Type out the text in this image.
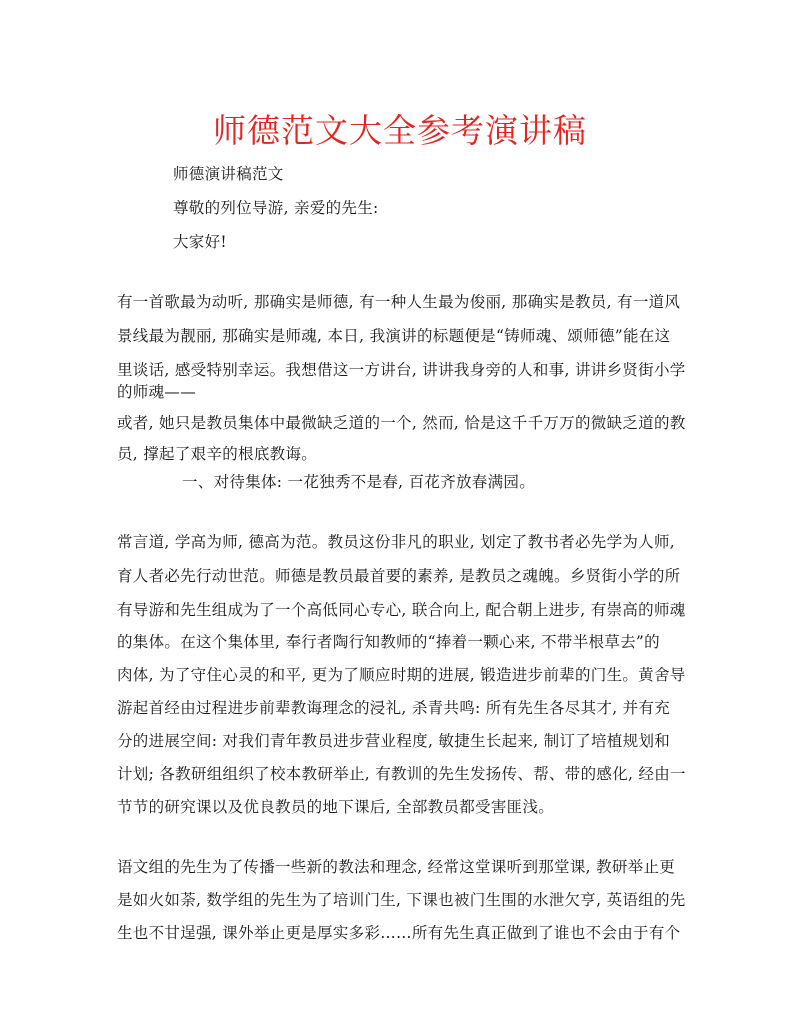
师德范文大全参考演讲稿
师德演讲稿范文
尊敬的列位导游, 亲爱的先生:
大家好!
有一首歌最为动听, 那确实是师德, 有一种人生最为俊丽, 那确实是教员, 有一道风
景线最为靓丽, 那确实是师魂, 本日, 我演讲的标题便是“铸师魂、颂师德”能在这
里谈话, 感受特别幸运。我想借这一方讲台, 讲讲我身旁的人和事, 讲讲乡贤街小学
的师魂——
或者, 她只是教员集体中最微缺乏道的一个, 然而, 恰是这千千万万的微缺乏道的教
员, 撑起了艰辛的根底教诲。
一、对待集体: 一花独秀不是春, 百花齐放春满园。
常言道, 学高为师, 德高为范。教员这份非凡的职业, 划定了教书者必先学为人师,
育人者必先行动世范。师德是教员最首要的素养, 是教员之魂魄。乡贤街小学的所
有导游和先生组成为了一个高低同心专心, 联合向上, 配合朝上进步, 有崇高的师魂
的集体。在这个集体里, 奉行者陶行知教师的“捧着一颗心来, 不带半根草去”的
肉体, 为了守住心灵的和平, 更为了顺应时期的进展, 锻造进步前辈的门生。黄舍导
游起首经由过程进步前辈教诲理念的浸礼, 杀青共鸣: 所有先生各尽其才, 并有充
分的进展空间: 对我们青年教员进步营业程度, 敏捷生长起来, 制订了培植规划和
计划; 各教研组组织了校本教研举止, 有教训的先生发扬传、帮、带的感化, 经由一
节节的研究课以及优良教员的地下课后, 全部教员都受害匪浅。
语文组的先生为了传播一些新的教法和理念, 经常这堂课听到那堂课, 教研举止更
是如火如荼, 数学组的先生为了培训门生, 下课也被门生围的水泄欠亨, 英语组的先
生也不甘逞强, 课外举止更是厚实多彩……所有先生真正做到了谁也不会由于有个
